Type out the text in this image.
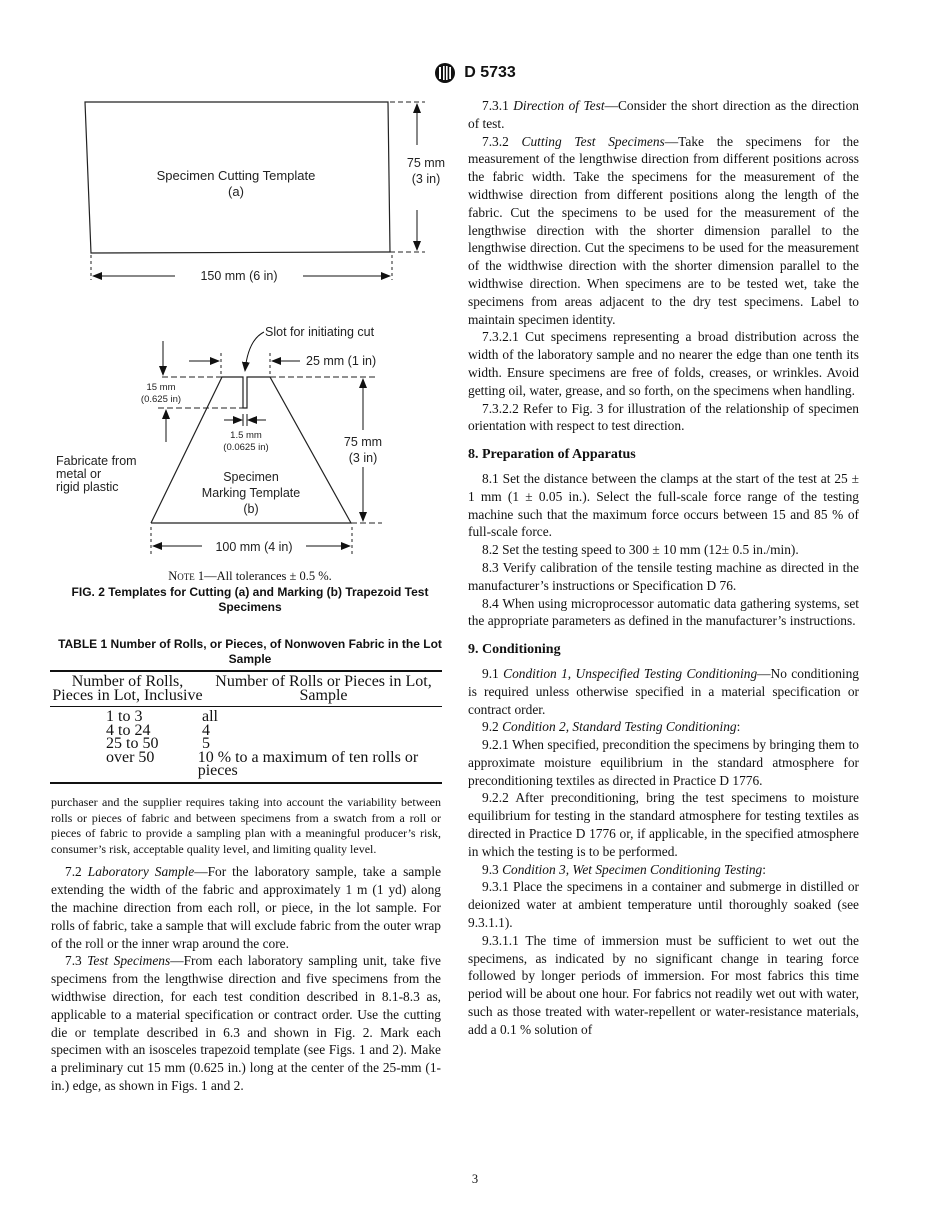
D 5733
Specimen Cutting Template
(a)
75 mm
(3 in)
150 mm (6 in)
Slot for initiating cut
25 mm (1 in)
15 mm
(0.625 in)
1.5 mm
(0.0625 in)	75 mm
(3 in)
Fabricate from
metal or
rigid plastic
Specimen
Marking Template
(b)
100 mm (4 in)
Note 1—All tolerances ± 0.5 %.
FIG. 2 Templates for Cutting (a) and Marking (b) Trapezoid Test Specimens
TABLE 1 Number of Rolls, or Pieces, of Nonwoven Fabric in the Lot Sample
Number of Rolls, Pieces in Lot, Inclusive
Number of Rolls or Pieces in Lot, Sample
1 to 3	all
4 to 24	4
25 to 50	5
over 50	10 % to a maximum of ten rolls or pieces

purchaser and the supplier requires taking into account the variability between rolls or pieces of fabric and between specimens from a swatch from a roll or pieces of fabric to provide a sampling plan with a meaningful producer’s risk, consumer’s risk, acceptable quality level, and limiting quality level.

7.2 Laboratory Sample—For the laboratory sample, take a sample extending the width of the fabric and approximately 1 m (1 yd) along the machine direction from each roll, or piece, in the lot sample. For rolls of fabric, take a sample that will exclude fabric from the outer wrap of the roll or the inner wrap around the core.

7.3 Test Specimens—From each laboratory sampling unit, take five specimens from the lengthwise direction and five specimens from the widthwise direction, for each test condition described in 8.1-8.3 as, applicable to a material specification or contract order. Use the cutting die or template described in 6.3 and shown in Fig. 2. Mark each specimen with an isosceles trapezoid template (see Figs. 1 and 2). Make a preliminary cut 15 mm (0.625 in.) long at the center of the 25-mm (1-in.) edge, as shown in Figs. 1 and 2.

7.3.1 Direction of Test—Consider the short direction as the direction of test.

7.3.2 Cutting Test Specimens—Take the specimens for the measurement of the lengthwise direction from different positions across the fabric width. Take the specimens for the measurement of the widthwise direction from different positions along the length of the fabric. Cut the specimens to be used for the measurement of the lengthwise direction with the shorter dimension parallel to the lengthwise direction. Cut the specimens to be used for the measurement of the widthwise direction with the shorter dimension parallel to the widthwise direction. When specimens are to be tested wet, take the specimens from areas adjacent to the dry test specimens. Label to maintain specimen identity.

7.3.2.1 Cut specimens representing a broad distribution across the width of the laboratory sample and no nearer the edge than one tenth its width. Ensure specimens are free of folds, creases, or wrinkles. Avoid getting oil, water, grease, and so forth, on the specimens when handling.

7.3.2.2 Refer to Fig. 3 for illustration of the relationship of specimen orientation with respect to test direction.

8. Preparation of Apparatus

8.1 Set the distance between the clamps at the start of the test at 25 ± 1 mm (1 ± 0.05 in.). Select the full-scale force range of the testing machine such that the maximum force occurs between 15 and 85 % of full-scale force.

8.2 Set the testing speed to 300 ± 10 mm (12± 0.5 in./min).

8.3 Verify calibration of the tensile testing machine as directed in the manufacturer’s instructions or Specification D 76.

8.4 When using microprocessor automatic data gathering systems, set the appropriate parameters as defined in the manufacturer’s instructions.

9. Conditioning

9.1 Condition 1, Unspecified Testing Conditioning—No conditioning is required unless otherwise specified in a material specification or contract order.

9.2 Condition 2, Standard Testing Conditioning:

9.2.1 When specified, precondition the specimens by bringing them to approximate moisture equilibrium in the standard atmosphere for preconditioning textiles as directed in Practice D 1776.

9.2.2 After preconditioning, bring the test specimens to moisture equilibrium for testing in the standard atmosphere for testing textiles as directed in Practice D 1776 or, if applicable, in the specified atmosphere in which the testing is to be performed.

9.3 Condition 3, Wet Specimen Conditioning Testing:

9.3.1 Place the specimens in a container and submerge in distilled or deionized water at ambient temperature until thoroughly soaked (see 9.3.1.1).

9.3.1.1 The time of immersion must be sufficient to wet out the specimens, as indicated by no significant change in tearing force followed by longer periods of immersion. For most fabrics this time period will be about one hour. For fabrics not readily wet out with water, such as those treated with water-repellent or water-resistance materials, add a 0.1 % solution of

3
